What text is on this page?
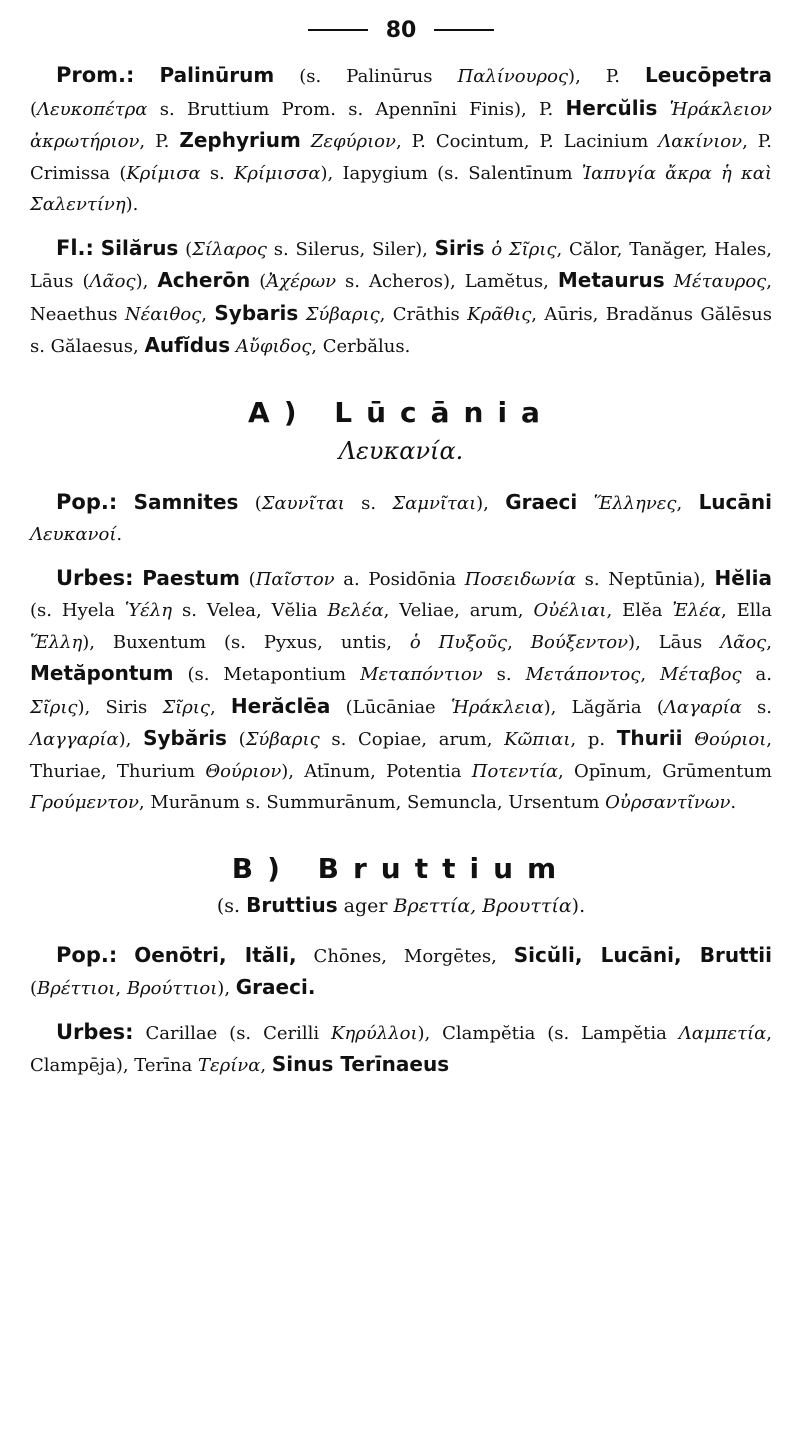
80

Prom.: Palinūrum (s. Palinūrus Παλίνουρος), P. Leucōpetra (Λευκοπέτρα s. Bruttium Prom. s. Apennīni Finis), P. Hercŭlis Ἡράκλειον ἀκρωτήριον, P. Zephyrium Ζεφύριον, P. Cocintum, P. Lacinium Λακίνιον, P. Crimissa (Κρίμισα s. Κρίμισσα), Iapygium (s. Salentīnum Ἰαπυγία ἄκρα ἡ καὶ Σαλεντίνη).

Fl.: Silărus (Σίλαρος s. Silerus, Siler), Siris ὁ Σῖρις, Călor, Tanăger, Hales, Lāus (Λᾶος), Acherōn (Ἀχέρων s. Acheros), Lamĕtus, Metaurus Μέταυρος, Neaethus Νέαιθος, Sybaris Σύβαρις, Crāthis Κρᾶθις, Aūris, Bradănus Gălēsus s. Gălaesus, Aufĭdus Αὔφιδος, Cerbălus.

A) Lūcānia
Λευκανία.

Pop.: Samnites (Σαυνῖται s. Σαμνῖται), Graeci Ἕλληνες, Lucāni Λευκανοί.

Urbes: Paestum (Παῖστον a. Posidōnia Ποσειδωνία s. Neptūnia), Hĕlia (s. Hyela Ὑέλη s. Velea, Vĕlia Βελέα, Veliae, arum, Οὐέλιαι, Elĕa Ἐλέα, Ella Ἕλλη), Buxentum (s. Pyxus, untis, ὁ Πυξοῦς, Βούξεντον), Lāus Λᾶος, Metăpontum (s. Metapontium Μεταπόντιον s. Μετάποντος, Μέταβος a. Σῖρις), Siris Σῖρις, Herăclēa (Lūcāniae Ἡράκλεια), Lăgăria (Λαγαρία s. Λαγγαρία), Sybăris (Σύβαρις s. Copiae, arum, Κῶπιαι, p. Thurii Θούριοι, Thuriae, Thurium Θούριον), Atīnum, Potentia Ποτεντία, Opīnum, Grūmentum Γρούμεντον, Murānum s. Summurānum, Semuncla, Ursentum Οὐρσαντῖνων.

B) Bruttium
(s. Bruttius ager Βρεττία, Βρουττία).

Pop.: Oenōtri, Ităli, Chōnes, Morgētes, Sicŭli, Lucāni, Bruttii (Βρέττιοι, Βρούττιοι), Graeci.

Urbes: Carillae (s. Cerilli Κηρύλλοι), Clampĕtia (s. Lampĕtia Λαμπετία, Clampēja), Terīna Τερίνα, Sinus Terīnaeus
